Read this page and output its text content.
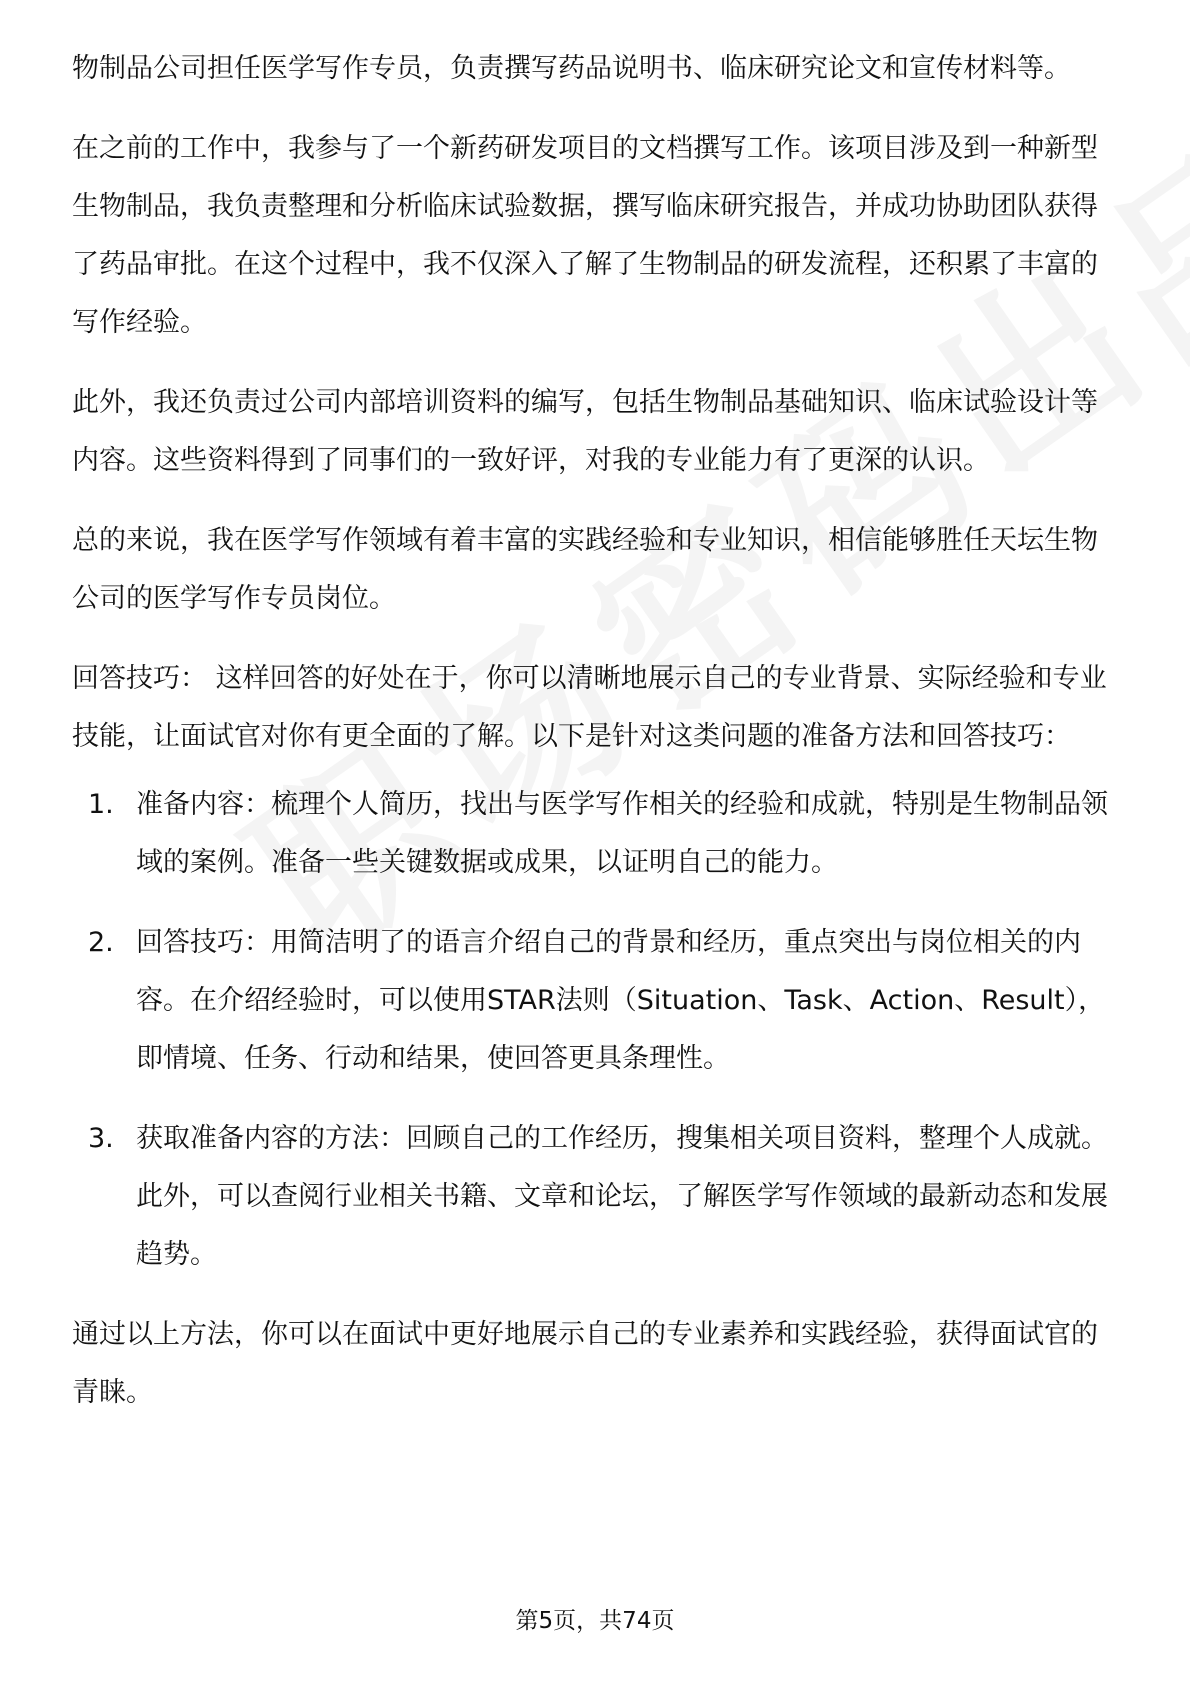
物制品公司担任医学写作专员，负责撰写药品说明书、临床研究论文和宣传材料等。

在之前的工作中，我参与了一个新药研发项目的文档撰写工作。该项目涉及到一种新型生物制品，我负责整理和分析临床试验数据，撰写临床研究报告，并成功协助团队获得了药品审批。在这个过程中，我不仅深入了解了生物制品的研发流程，还积累了丰富的写作经验。

此外，我还负责过公司内部培训资料的编写，包括生物制品基础知识、临床试验设计等内容。这些资料得到了同事们的一致好评，对我的专业能力有了更深的认识。

总的来说，我在医学写作领域有着丰富的实践经验和专业知识，相信能够胜任天坛生物公司的医学写作专员岗位。

回答技巧： 这样回答的好处在于，你可以清晰地展示自己的专业背景、实际经验和专业技能，让面试官对你有更全面的了解。以下是针对这类问题的准备方法和回答技巧：

1. 准备内容：梳理个人简历，找出与医学写作相关的经验和成就，特别是生物制品领域的案例。准备一些关键数据或成果，以证明自己的能力。
2. 回答技巧：用简洁明了的语言介绍自己的背景和经历，重点突出与岗位相关的内容。在介绍经验时，可以使用STAR法则（Situation、Task、Action、Result），即情境、任务、行动和结果，使回答更具条理性。
3. 获取准备内容的方法：回顾自己的工作经历，搜集相关项目资料，整理个人成就。此外，可以查阅行业相关书籍、文章和论坛，了解医学写作领域的最新动态和发展趋势。

通过以上方法，你可以在面试中更好地展示自己的专业素养和实践经验，获得面试官的青睐。

第5页，共74页
